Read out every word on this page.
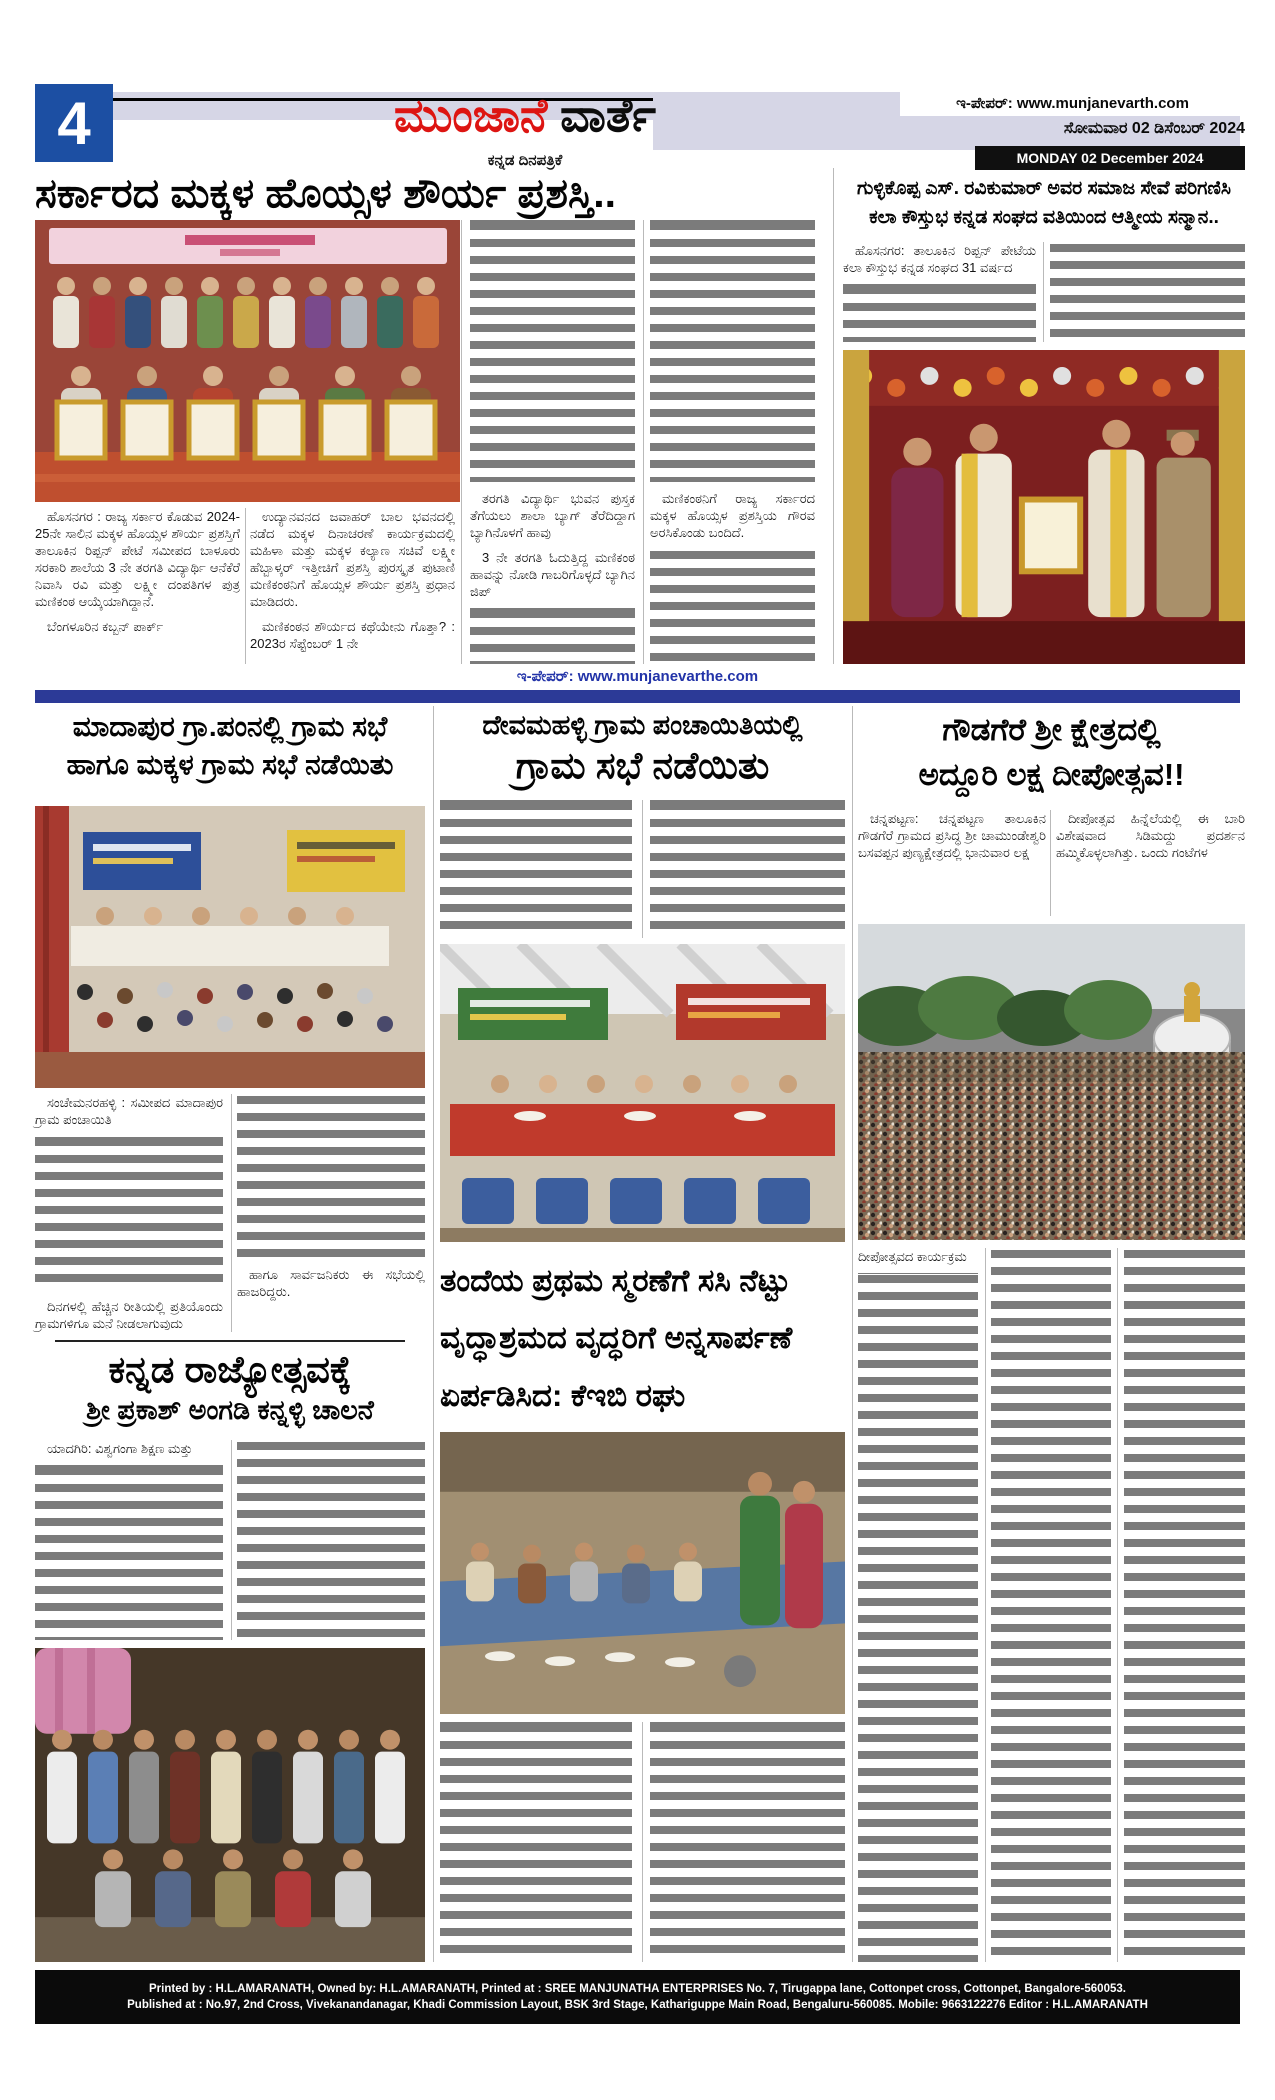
4	ಮುಂಜಾನೆ ವಾರ್ತೆ
ಕನ್ನಡ ದಿನಪತ್ರಿಕೆ
ಇ-ಪೇಪರ್: www.munjanevarth.com
ಸೋಮವಾರ 02 ಡಿಸೆಂಬರ್ 2024
MONDAY 02 December 2024
ಸರ್ಕಾರದ ಮಕ್ಕಳ ಹೊಯ್ಸಳ ಶೌರ್ಯ ಪ್ರಶಸ್ತಿ..

ತರಗತಿ ವಿದ್ಯಾರ್ಥಿ ಭುವನ ಪುಸ್ತಕ ತೆಗೆಯಲು ಶಾಲಾ ಬ್ಯಾಗ್ ತೆರೆದಿದ್ದಾಗ ಬ್ಯಾಗಿನೊಳಗೆ ಹಾವು

3 ನೇ ತರಗತಿ ಓದುತ್ತಿದ್ದ ಮಣಿಕಂಠ ಹಾವನ್ನು ನೋಡಿ ಗಾಬರಿಗೊಳ್ಳದೆ ಬ್ಯಾಗಿನ ಜಿಪ್

ಮಣಿಕಂಠನಿಗೆ ರಾಜ್ಯ ಸರ್ಕಾರದ ಮಕ್ಕಳ ಹೊಯ್ಸಳ ಪ್ರಶಸ್ತಿಯ ಗೌರವ ಅರಸಿಕೊಂಡು ಬಂದಿದೆ.

ಹೊಸನಗರ : ರಾಜ್ಯ ಸರ್ಕಾರ ಕೊಡುವ 2024-25ನೇ ಸಾಲಿನ ಮಕ್ಕಳ ಹೊಯ್ಸಳ ಶೌರ್ಯ ಪ್ರಶಸ್ತಿಗೆ ತಾಲೂಕಿನ ರಿಪ್ಪನ್ ಪೇಟೆ ಸಮೀಪದ ಬಾಳೂರು ಸರಕಾರಿ ಶಾಲೆಯ 3 ನೇ ತರಗತಿ ವಿದ್ಯಾರ್ಥಿ ಆನೆಕೆರೆ ನಿವಾಸಿ ರವಿ ಮತ್ತು ಲಕ್ಷ್ಮೀ ದಂಪತಿಗಳ ಪುತ್ರ ಮಣಿಕಂಠ ಆಯ್ಕೆಯಾಗಿದ್ದಾನೆ.

ಬೆಂಗಳೂರಿನ ಕಬ್ಬನ್ ಪಾರ್ಕ್

ಉದ್ಯಾನವನದ ಜವಾಹರ್ ಬಾಲ ಭವನದಲ್ಲಿ ನಡೆದ ಮಕ್ಕಳ ದಿನಾಚರಣೆ ಕಾರ್ಯಕ್ರಮದಲ್ಲಿ ಮಹಿಳಾ ಮತ್ತು ಮಕ್ಕಳ ಕಲ್ಯಾಣ ಸಚಿವೆ ಲಕ್ಷ್ಮೀ ಹೆಬ್ಬಾಳ್ಕರ್ ಇತ್ತೀಚಿಗೆ ಪ್ರಶಸ್ತಿ ಪುರಸ್ಕೃತ ಪುಟಾಣಿ ಮಣಿಕಂಠನಿಗೆ ಹೊಯ್ಸಳ ಶೌರ್ಯ ಪ್ರಶಸ್ತಿ ಪ್ರಧಾನ ಮಾಡಿದರು.

ಮಣಿಕಂಠನ ಶೌರ್ಯದ ಕಥೆಯೇನು ಗೊತ್ತಾ? : 2023ರ ಸೆಪ್ಟೆಂಬರ್ 1 ನೇ

ಗುಳ್ಳಿಕೊಪ್ಪ ಎಸ್. ರವಿಕುಮಾರ್ ಅವರ ಸಮಾಜ ಸೇವೆ ಪರಿಗಣಿಸಿ
ಕಲಾ ಕೌಸ್ತುಭ ಕನ್ನಡ ಸಂಘದ ವತಿಯಿಂದ ಆತ್ಮೀಯ ಸನ್ಮಾನ..

ಹೊಸನಗರ: ತಾಲೂಕಿನ ರಿಪ್ಪನ್ ಪೇಟೆಯ ಕಲಾ ಕೌಸ್ತುಭ ಕನ್ನಡ ಸಂಘದ 31 ವರ್ಷದ

ಇ-ಪೇಪರ್: www.munjanevarthe.com
ಮಾದಾಪುರ ಗ್ರಾ.ಪಂನಲ್ಲಿ ಗ್ರಾಮ ಸಭೆ
ಹಾಗೂ ಮಕ್ಕಳ ಗ್ರಾಮ ಸಭೆ ನಡೆಯಿತು

ಸಂಚೇಮನರಹಳ್ಳಿ : ಸಮೀಪದ ಮಾದಾಪುರ ಗ್ರಾಮ ಪಂಚಾಯಿತಿ

ದಿನಗಳಲ್ಲಿ ಹೆಚ್ಚಿನ ರೀತಿಯಲ್ಲಿ ಪ್ರತಿಯೊಂದು ಗ್ರಾಮಗಳಿಗೂ ಮನೆ ನೀಡಲಾಗುವುದು

ಹಾಗೂ ಸಾರ್ವಜನಿಕರು ಈ ಸಭೆಯಲ್ಲಿ ಹಾಜರಿದ್ದರು.

ಕನ್ನಡ ರಾಜ್ಯೋತ್ಸವಕ್ಕೆ
ಶ್ರೀ ಪ್ರಕಾಶ್ ಅಂಗಡಿ ಕನ್ನಳ್ಳಿ ಚಾಲನೆ

ಯಾದಗಿರಿ: ವಿಶ್ವಗಂಗಾ ಶಿಕ್ಷಣ ಮತ್ತು

ದೇವಮಹಳ್ಳಿ ಗ್ರಾಮ ಪಂಚಾಯಿತಿಯಲ್ಲಿ
ಗ್ರಾಮ ಸಭೆ ನಡೆಯಿತು
ತಂದೆಯ ಪ್ರಥಮ ಸ್ಮರಣೆಗೆ ಸಸಿ ನೆಟ್ಟು
ವೃದ್ಧಾಶ್ರಮದ ವೃದ್ಧರಿಗೆ ಅನ್ನಸಾರ್ಪಣೆ
ಏರ್ಪಡಿಸಿದ: ಕೆಇಬಿ ರಘು
ಗೌಡಗೆರೆ ಶ್ರೀ ಕ್ಷೇತ್ರದಲ್ಲಿ
ಅದ್ದೂರಿ ಲಕ್ಷ ದೀಪೋತ್ಸವ!!

ಚನ್ನಪಟ್ಟಣ: ಚನ್ನಪಟ್ಟಣ ತಾಲೂಕಿನ ಗೌಡಗೆರೆ ಗ್ರಾಮದ ಪ್ರಸಿದ್ಧ ಶ್ರೀ ಚಾಮುಂಡೇಶ್ವರಿ ಬಸವಪ್ಪನ ಪುಣ್ಯಕ್ಷೇತ್ರದಲ್ಲಿ ಭಾನುವಾರ ಲಕ್ಷ

ದೀಪೋತ್ಸವ ಹಿನ್ನೆಲೆಯಲ್ಲಿ ಈ ಬಾರಿ ವಿಶೇಷವಾದ ಸಿಡಿಮದ್ದು ಪ್ರದರ್ಶನ ಹಮ್ಮಿಕೊಳ್ಳಲಾಗಿತ್ತು. ಒಂದು ಗಂಟೆಗಳ

ದೀಪೋತ್ಸವದ ಕಾರ್ಯಕ್ರಮ

Printed by : H.L.AMARANATH, Owned by: H.L.AMARANATH, Printed at : SREE MANJUNATHA ENTERPRISES No. 7, Tirugappa lane, Cottonpet cross, Cottonpet, Bangalore-560053.
Published at : No.97, 2nd Cross, Vivekanandanagar, Khadi Commission Layout, BSK 3rd Stage, Kathariguppe Main Road, Bengaluru-560085. Mobile: 9663122276 Editor : H.L.AMARANATH
